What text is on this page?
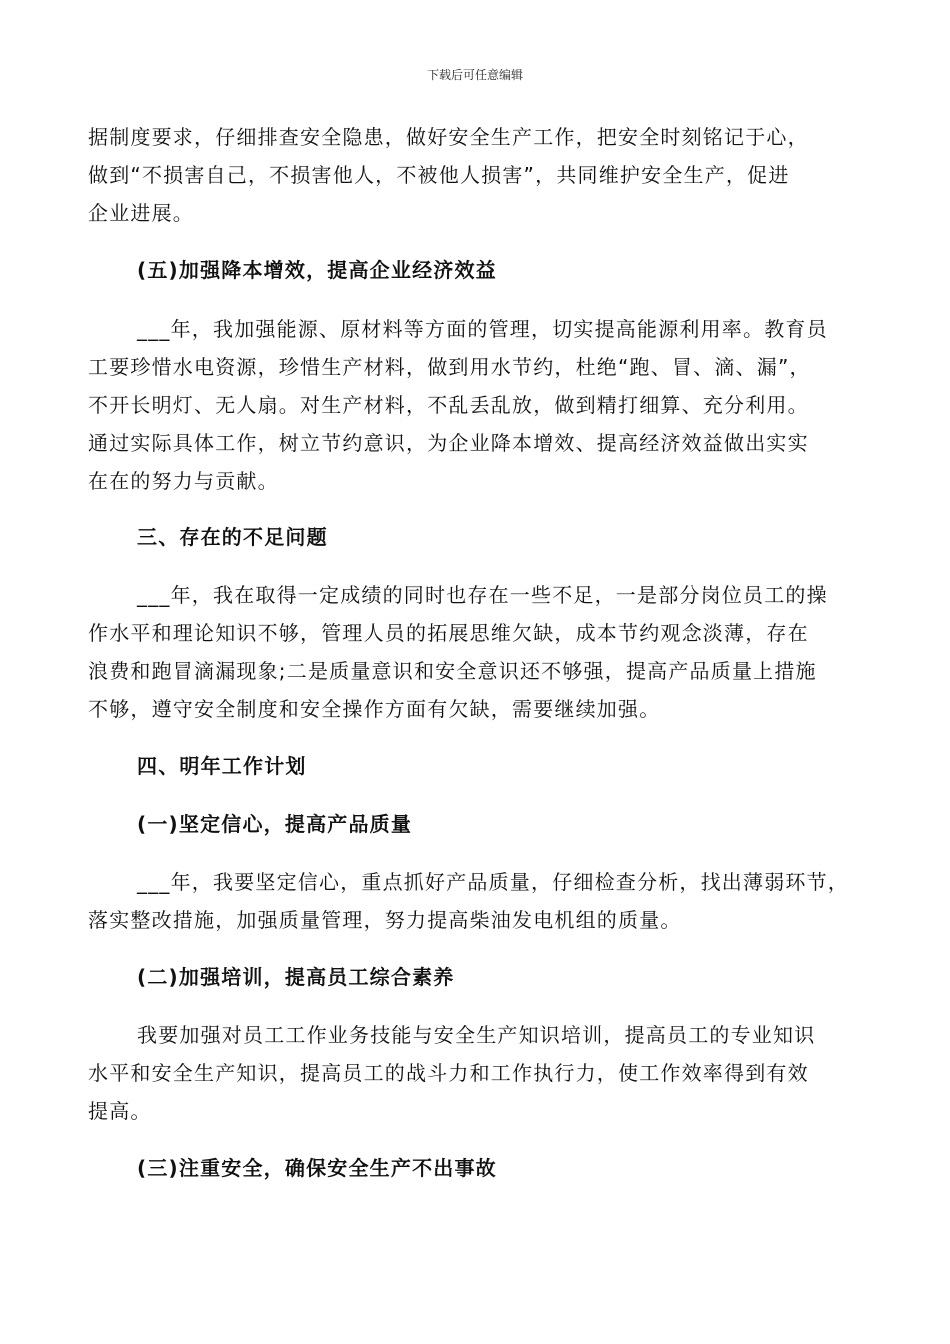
下载后可任意编辑
据制度要求，仔细排查安全隐患，做好安全生产工作，把安全时刻铭记于心，
做到“不损害自己，不损害他人，不被他人损害”，共同维护安全生产，促进
企业进展。
(五)加强降本增效，提高企业经济效益
___年，我加强能源、原材料等方面的管理，切实提高能源利用率。教育员
工要珍惜水电资源，珍惜生产材料，做到用水节约，杜绝“跑、冒、滴、漏”，
不开长明灯、无人扇。对生产材料，不乱丢乱放，做到精打细算、充分利用。
通过实际具体工作，树立节约意识，为企业降本增效、提高经济效益做出实实
在在的努力与贡献。
三、存在的不足问题
___年，我在取得一定成绩的同时也存在一些不足，一是部分岗位员工的操
作水平和理论知识不够，管理人员的拓展思维欠缺，成本节约观念淡薄，存在
浪费和跑冒滴漏现象;二是质量意识和安全意识还不够强，提高产品质量上措施
不够，遵守安全制度和安全操作方面有欠缺，需要继续加强。
四、明年工作计划
(一)坚定信心，提高产品质量
___年，我要坚定信心，重点抓好产品质量，仔细检查分析，找出薄弱环节，
落实整改措施，加强质量管理，努力提高柴油发电机组的质量。
(二)加强培训，提高员工综合素养
我要加强对员工工作业务技能与安全生产知识培训，提高员工的专业知识
水平和安全生产知识，提高员工的战斗力和工作执行力，使工作效率得到有效
提高。
(三)注重安全，确保安全生产不出事故
